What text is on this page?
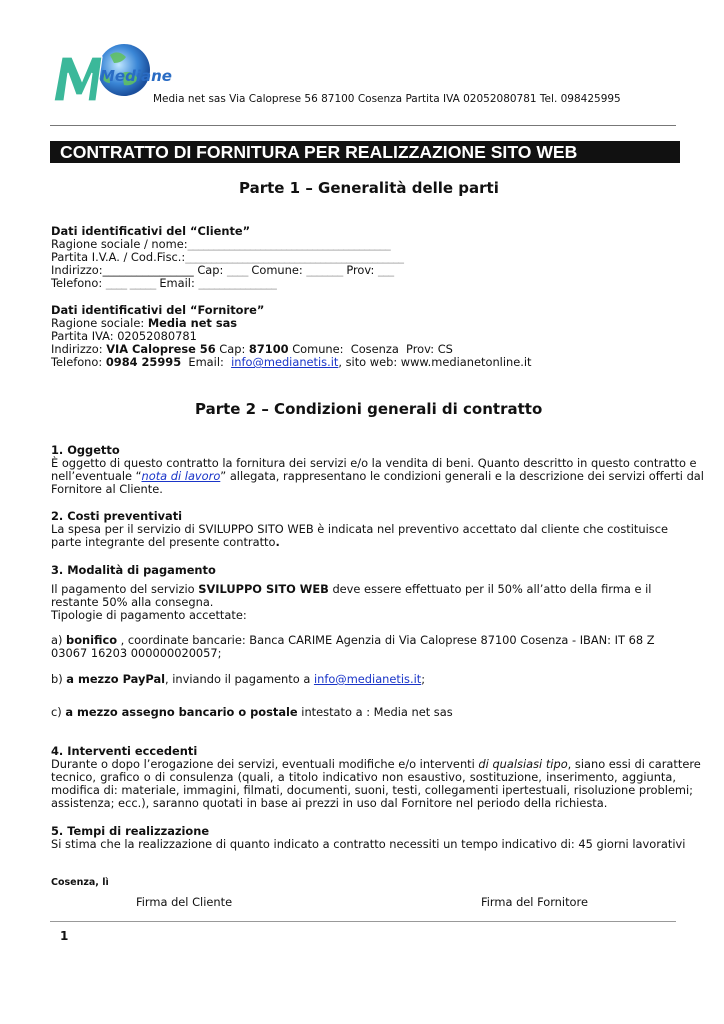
Mediane
Media net sas Via Caloprese 56 87100 Cosenza Partita IVA 02052080781 Tel. 098425995
CONTRATTO DI FORNITURA PER REALIZZAZIONE SITO WEB
Parte 1 – Generalità delle parti
Dati identificativi del “Cliente”
Ragione sociale / nome:_______________________________________
Partita I.V.A. / Cod.Fisc.:__________________________________________
Indirizzo:________________ Cap: ____ Comune: _______ Prov: ___
Telefono: ____ _____ Email: _______________
Dati identificativi del “Fornitore”
Ragione sociale: Media net sas
Partita IVA: 02052080781
Indirizzo: VIA Caloprese 56 Cap: 87100 Comune: Cosenza Prov: CS
Telefono: 0984 25995 Email: info@medianetis.it, sito web: www.medianetonline.it
Parte 2 – Condizioni generali di contratto
1. Oggetto
È oggetto di questo contratto la fornitura dei servizi e/o la vendita di beni. Quanto descritto in questo contratto e
nell’eventuale “nota di lavoro” allegata, rappresentano le condizioni generali e la descrizione dei servizi offerti dal
Fornitore al Cliente.
2. Costi preventivati
La spesa per il servizio di SVILUPPO SITO WEB è indicata nel preventivo accettato dal cliente che costituisce
parte integrante del presente contratto.
3. Modalità di pagamento
Il pagamento del servizio SVILUPPO SITO WEB deve essere effettuato per il 50% all’atto della firma e il
restante 50% alla consegna.
Tipologie di pagamento accettate:
a) bonifico , coordinate bancarie: Banca CARIME Agenzia di Via Caloprese 87100 Cosenza - IBAN: IT 68 Z
03067 16203 000000020057;
b) a mezzo PayPal, inviando il pagamento a info@medianetis.it;
c) a mezzo assegno bancario o postale intestato a : Media net sas
4. Interventi eccedenti
Durante o dopo l’erogazione dei servizi, eventuali modifiche e/o interventi di qualsiasi tipo, siano essi di carattere
tecnico, grafico o di consulenza (quali, a titolo indicativo non esaustivo, sostituzione, inserimento, aggiunta,
modifica di: materiale, immagini, filmati, documenti, suoni, testi, collegamenti ipertestuali, risoluzione problemi;
assistenza; ecc.), saranno quotati in base ai prezzi in uso dal Fornitore nel periodo della richiesta.
5. Tempi di realizzazione
Si stima che la realizzazione di quanto indicato a contratto necessiti un tempo indicativo di: 45 giorni lavorativi
Cosenza, lì
Firma del Cliente	Firma del Fornitore
1
